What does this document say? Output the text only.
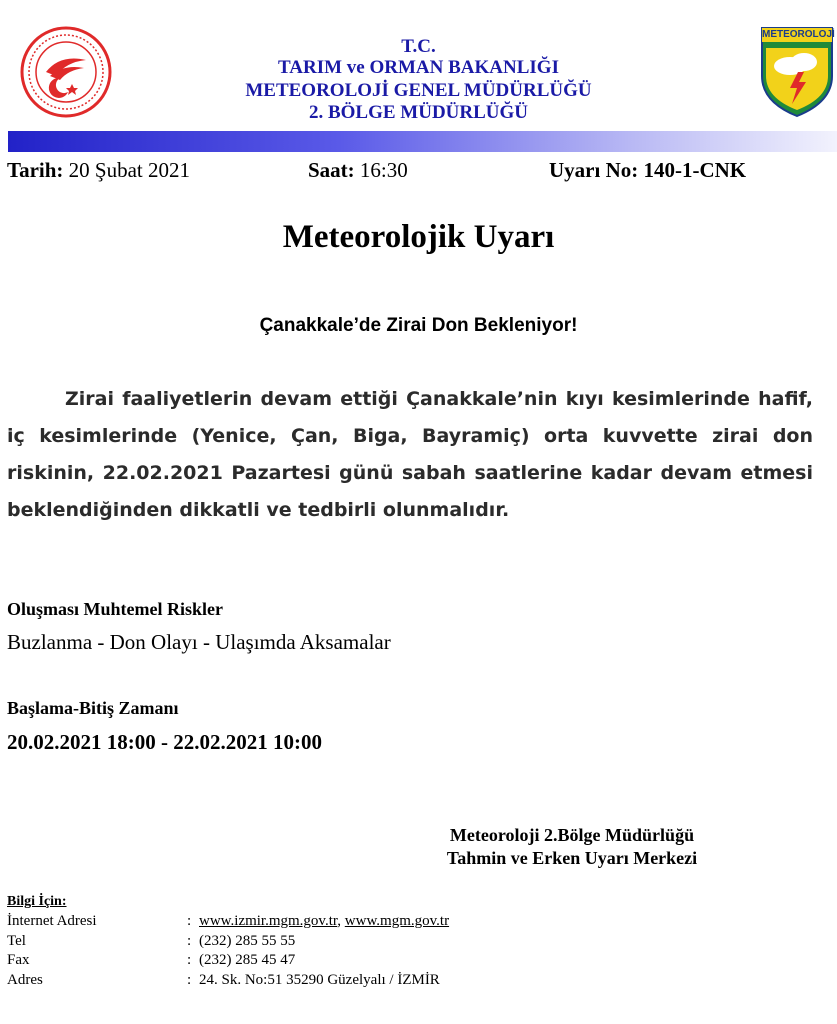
METEOROLOJİ
T.C.
TARIM ve ORMAN BAKANLIĞI
METEOROLOJİ GENEL MÜDÜRLÜĞÜ
2. BÖLGE MÜDÜRLÜĞÜ
Tarih: 20 Şubat 2021	Saat: 16:30	Uyarı No: 140-1-CNK
Meteorolojik Uyarı
Çanakkale’de Zirai Don Bekleniyor!
Zirai faaliyetlerin devam ettiği Çanakkale’nin kıyı kesimlerinde hafif, iç kesimlerinde (Yenice, Çan, Biga, Bayramiç) orta kuvvette zirai don riskinin, 22.02.2021 Pazartesi günü sabah saatlerine kadar devam etmesi beklendiğinden dikkatli ve tedbirli olunmalıdır.
Oluşması Muhtemel Riskler
Buzlanma - Don Olayı - Ulaşımda Aksamalar
Başlama-Bitiş Zamanı
20.02.2021 18:00 - 22.02.2021 10:00
Meteoroloji 2.Bölge Müdürlüğü
Tahmin ve Erken Uyarı Merkezi
Bilgi İçin:
İnternet Adresi	: www.izmir.mgm.gov.tr, www.mgm.gov.tr
Tel	: (232) 285 55 55
Fax	: (232) 285 45 47
Adres	: 24. Sk. No:51 35290 Güzelyalı / İZMİR
